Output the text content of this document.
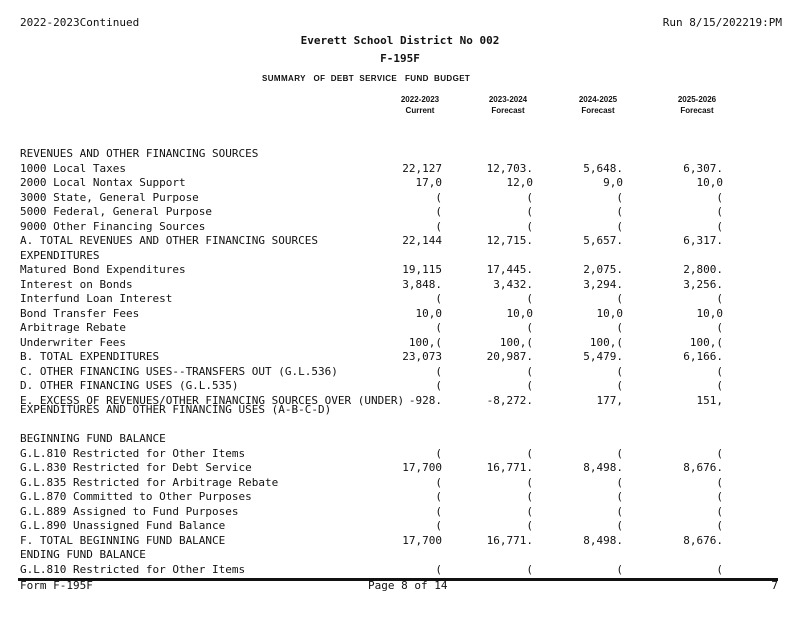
2022-2023Continued	Run 8/15/202219:PM
Everett School District No 002
F-195F
SUMMARY   OF  DEBT  SERVICE   FUND  BUDGET
2022-2023
Current
2023-2024
Forecast
2024-2025
Forecast
2025-2026
Forecast
REVENUES AND OTHER FINANCING SOURCES
1000 Local Taxes	22,127	12,703.	5,648.	6,307.
2000 Local Nontax Support	17,0	12,0	9,0	10,0
3000 State, General Purpose	(	(	(	(
5000 Federal, General Purpose	(	(	(	(
9000 Other Financing Sources	(	(	(	(
A. TOTAL REVENUES AND OTHER FINANCING SOURCES	22,144	12,715.	5,657.	6,317.
EXPENDITURES
Matured Bond Expenditures	19,115	17,445.	2,075.	2,800.
Interest on Bonds	3,848.	3,432.	3,294.	3,256.
Interfund Loan Interest	(	(	(	(
Bond Transfer Fees	10,0	10,0	10,0	10,0
Arbitrage Rebate	(	(	(	(
Underwriter Fees	100,(	100,(	100,(	100,(
B. TOTAL EXPENDITURES	23,073	20,987.	5,479.	6,166.
C. OTHER FINANCING USES--TRANSFERS OUT (G.L.536)	(	(	(	(
D. OTHER FINANCING USES (G.L.535)	(	(	(	(
E. EXCESS OF REVENUES/OTHER FINANCING SOURCES OVER (UNDER) -928.	-8,272.	177,	151,
EXPENDITURES AND OTHER FINANCING USES (A-B-C-D)
BEGINNING FUND BALANCE
G.L.810 Restricted for Other Items	(	(	(	(
G.L.830 Restricted for Debt Service	17,700	16,771.	8,498.	8,676.
G.L.835 Restricted for Arbitrage Rebate	(	(	(	(
G.L.870 Committed to Other Purposes	(	(	(	(
G.L.889 Assigned to Fund Purposes	(	(	(	(
G.L.890 Unassigned Fund Balance	(	(	(	(
F. TOTAL BEGINNING FUND BALANCE	17,700	16,771.	8,498.	8,676.
ENDING FUND BALANCE
G.L.810 Restricted for Other Items	(	(	(	(
Form F-195F	Page 8 of 14	7
